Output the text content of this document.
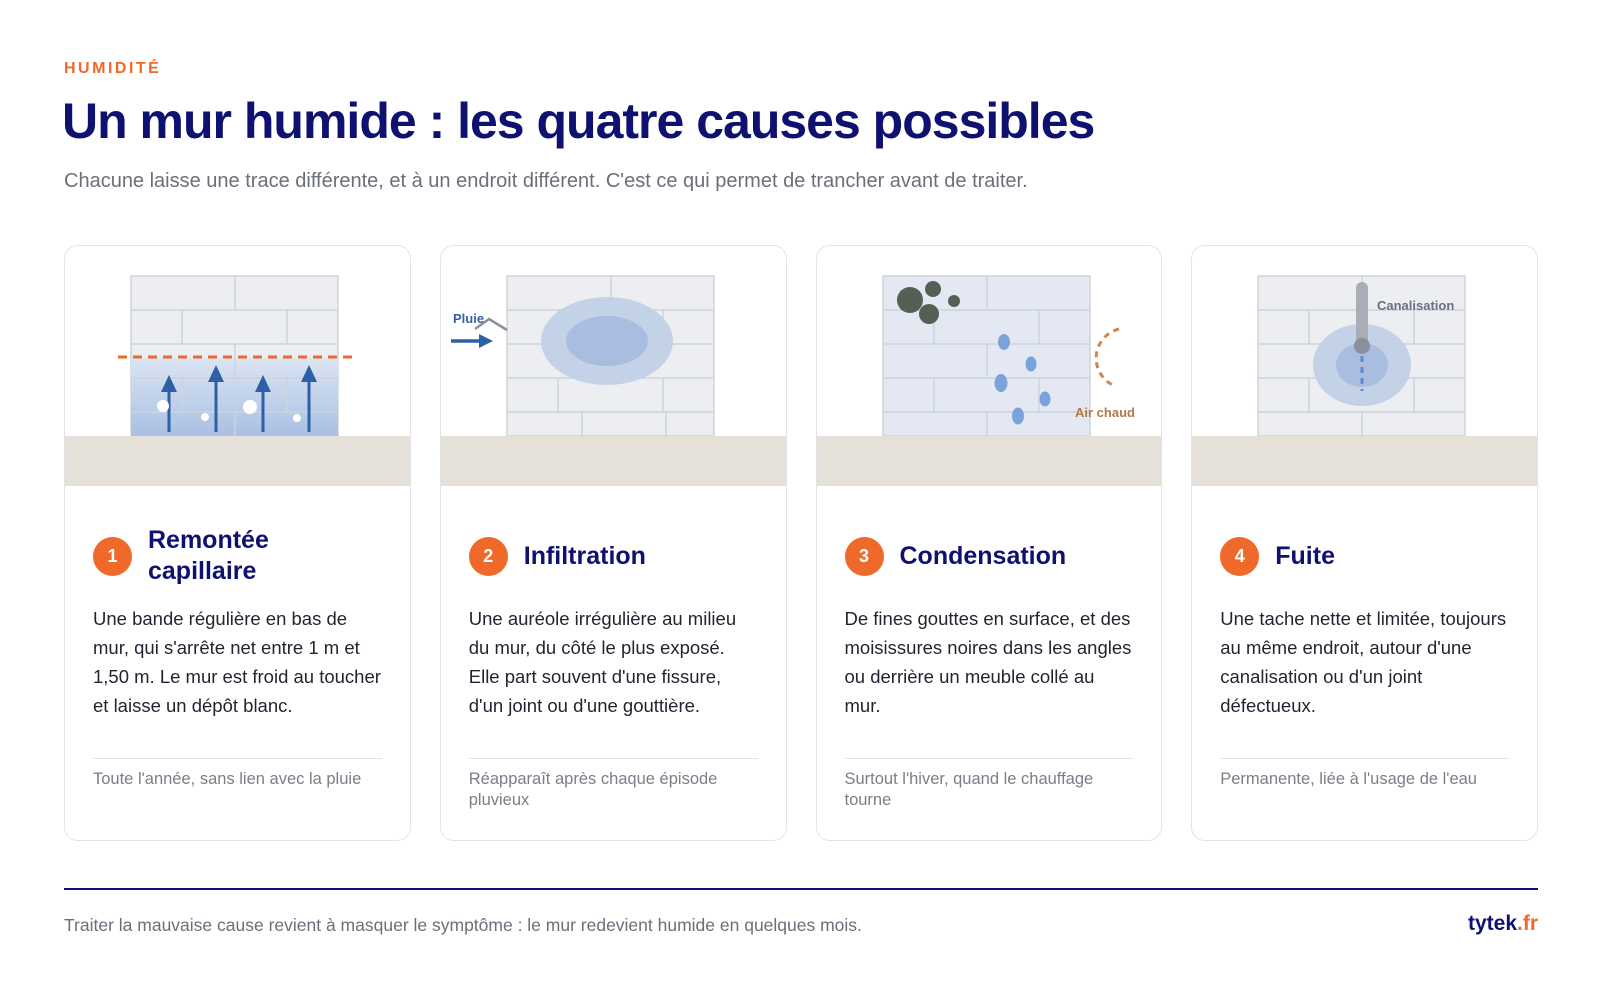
HUMIDITÉ
Un mur humide : les quatre causes possibles

Chacune laisse une trace différente, et à un endroit différent. C'est ce qui permet de trancher avant de traiter.

1
Remontée capillaire

Une bande régulière en bas de mur, qui s'arrête net entre 1 m et 1,50 m. Le mur est froid au toucher et laisse un dépôt blanc.

Toute l'année, sans lien avec la pluie

Pluie
2	Infiltration

Une auréole irrégulière au milieu du mur, du côté le plus exposé. Elle part souvent d'une fissure, d'un joint ou d'une gouttière.

Réapparaît après chaque épisode pluvieux

Air chaud
3	Condensation

De fines gouttes en surface, et des moisissures noires dans les angles ou derrière un meuble collé au mur.

Surtout l'hiver, quand le chauffage tourne

Canalisation
4	Fuite

Une tache nette et limitée, toujours au même endroit, autour d'une canalisation ou d'un joint défectueux.

Permanente, liée à l'usage de l'eau

Traiter la mauvaise cause revient à masquer le symptôme : le mur redevient humide en quelques mois.	tytek.fr
